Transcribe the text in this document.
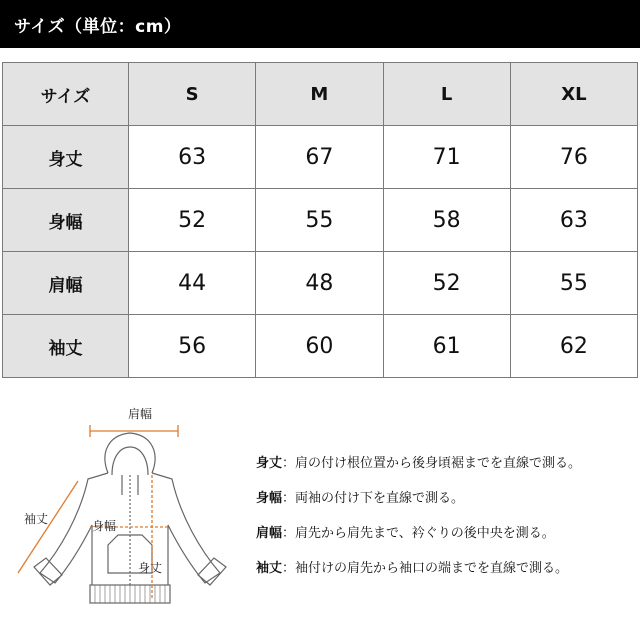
サイズ（単位：cm）
サイズ	S	M	L	XL
身丈	63	67	71	76
身幅	52	55	58	63
肩幅	44	48	52	55
袖丈	56	60	61	62
肩幅
袖丈	身幅
身丈
身丈：肩の付け根位置から後身頃裾までを直線で測る。
身幅：両袖の付け下を直線で測る。
肩幅：肩先から肩先まで、衿ぐりの後中央を測る。
袖丈：袖付けの肩先から袖口の端までを直線で測る。
